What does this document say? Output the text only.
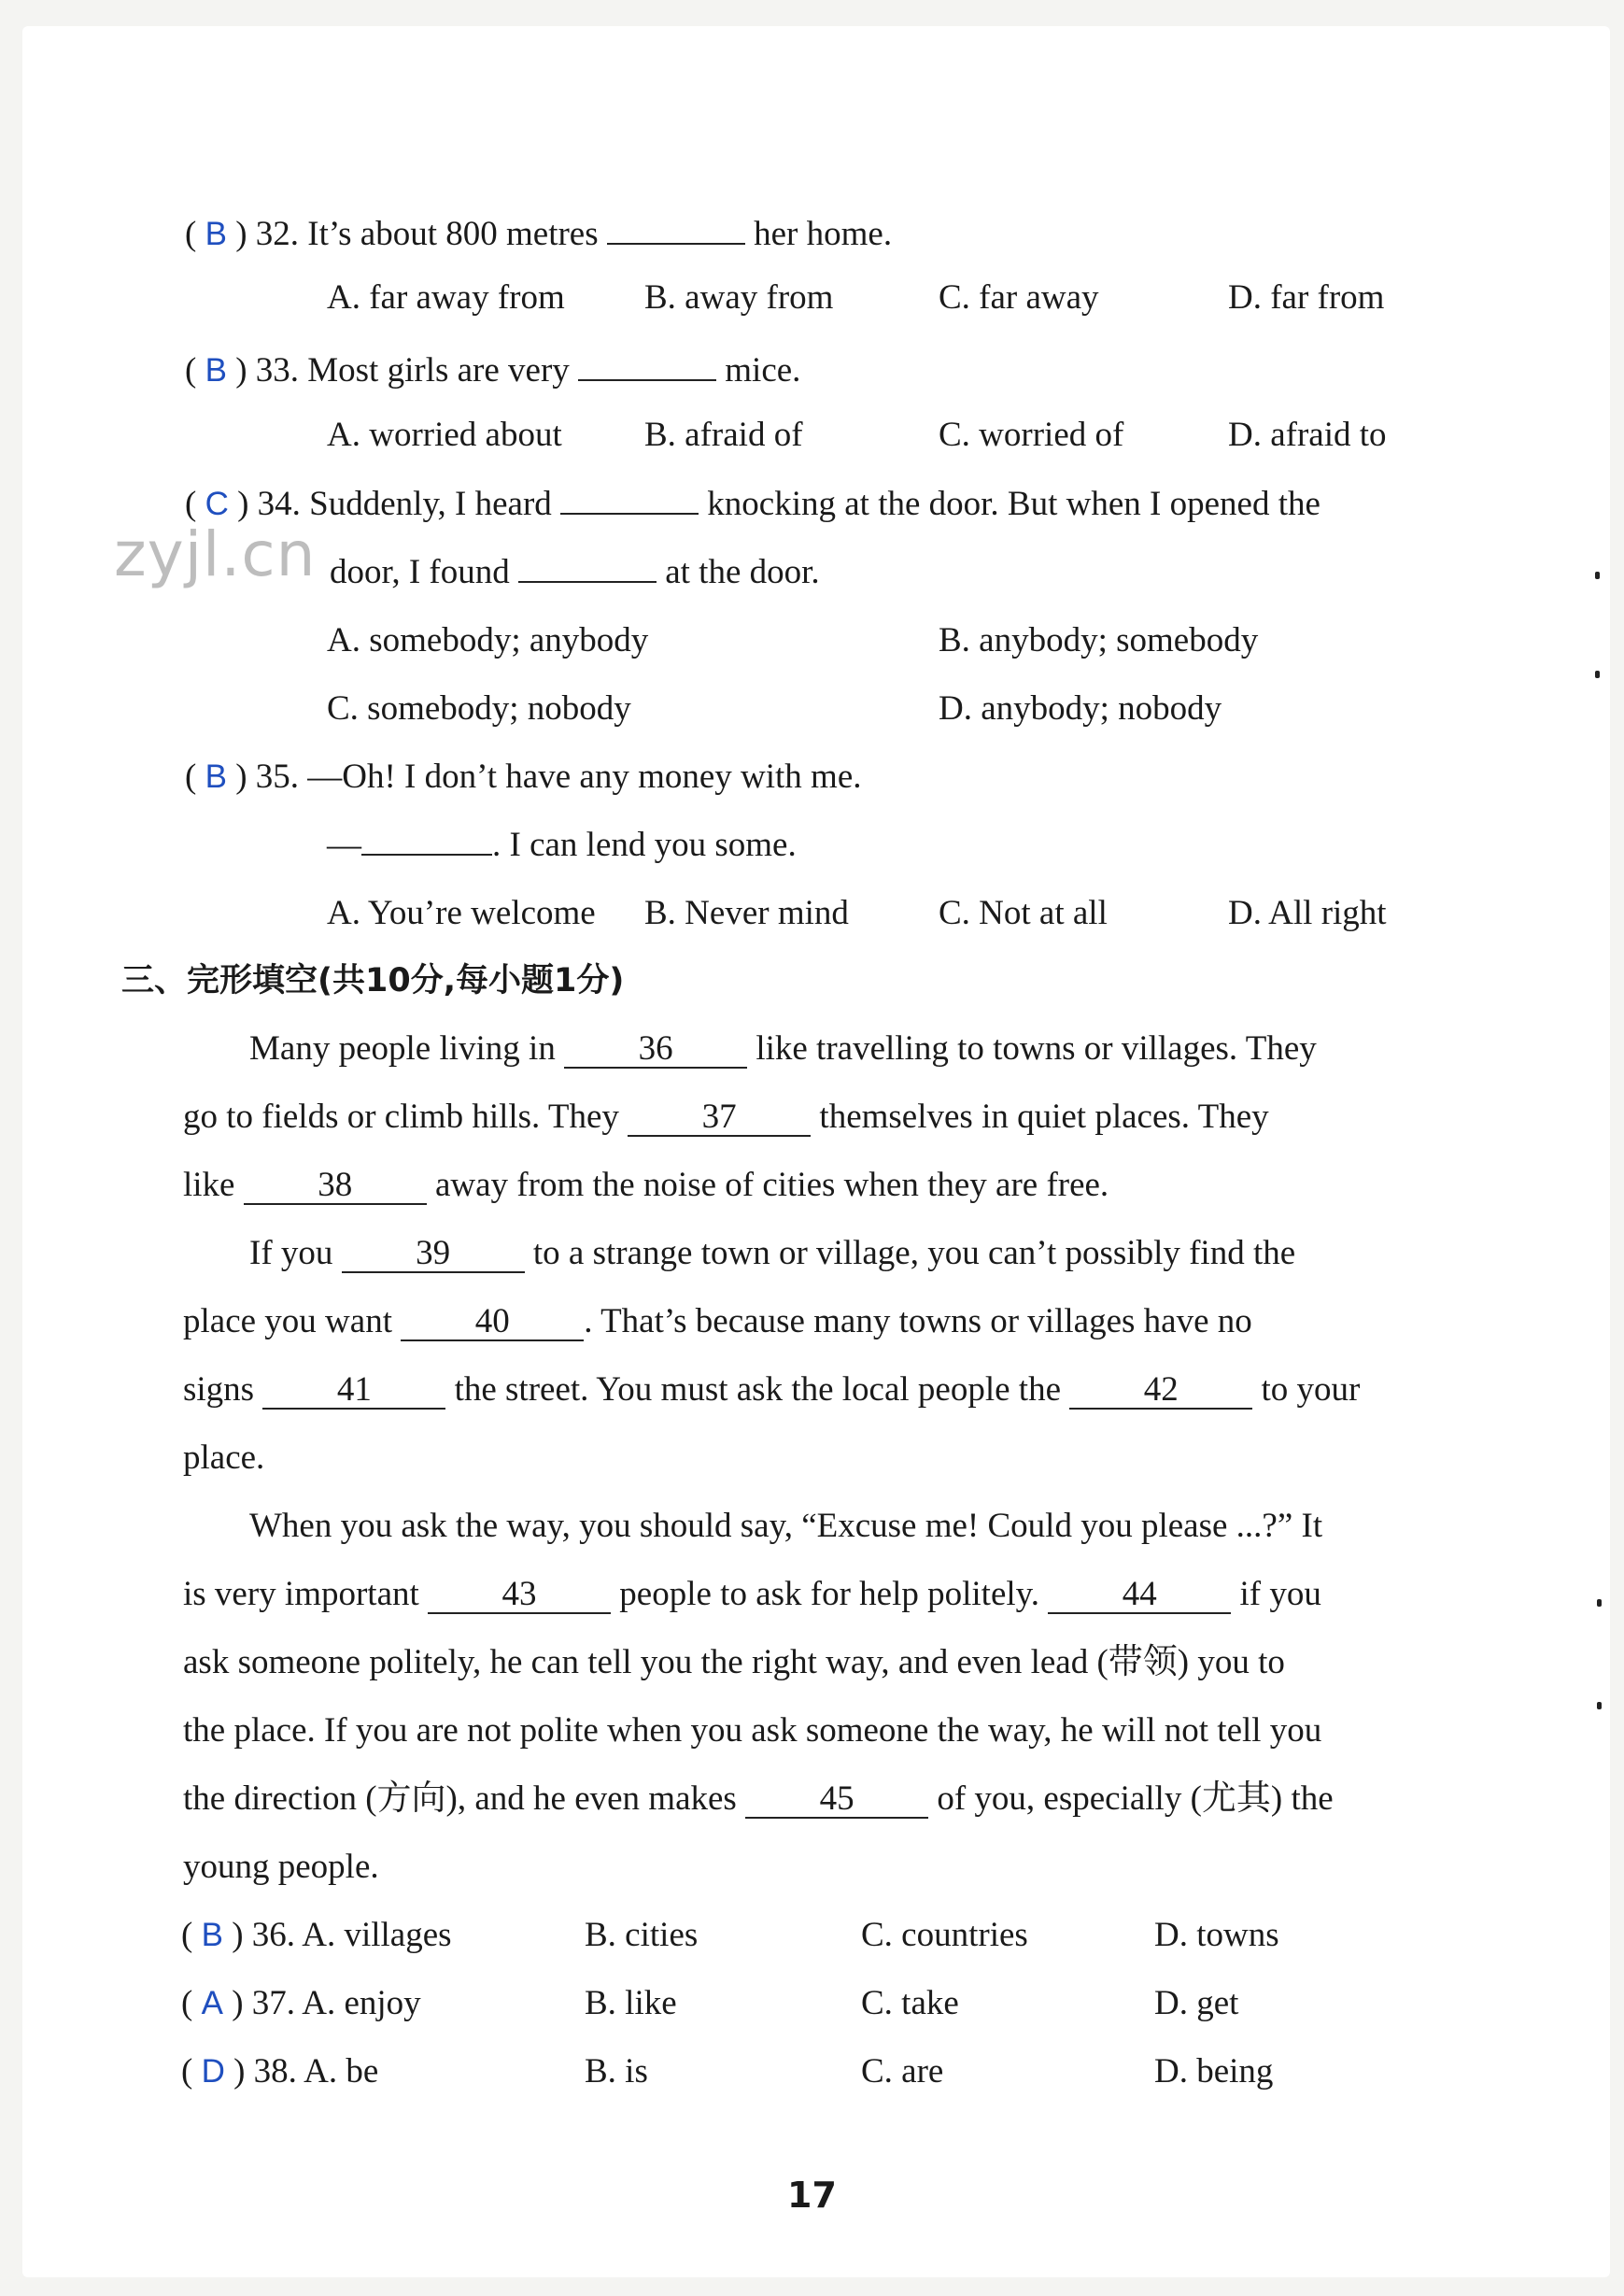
zyjl.cn
( B ) 32. It’s about 800 metres	her home.
A. far away from B. away from	C. far away	D. far from
( B ) 33. Most girls are very	mice.
A. worried about B. afraid of	C. worried of	D. afraid to
( C ) 34. Suddenly, I heard	knocking at the door. But when I opened the
door, I found	at the door.
A. somebody; anybody	B. anybody; somebody
C. somebody; nobody	D. anybody; nobody
( B ) 35. —Oh! I don’t have any money with me.
—	. I can lend you some.
A. You’re welcome B. Never mind	C. Not at all	D. All right
三、完形填空(共10分,每小题1分)
Many people living in 36 like travelling to towns or villages. They
go to fields or climb hills. They 37 themselves in quiet places. They
like 38 away from the noise of cities when they are free.
If you 39 to a strange town or village, you can’t possibly find the
place you want 40 . That’s because many towns or villages have no
signs 41 the street. You must ask the local people the 42 to your
place.
When you ask the way, you should say, “Excuse me! Could you please ...?” It
is very important 43 people to ask for help politely. 44 if you
ask someone politely, he can tell you the right way, and even lead (带领) you to
the place. If you are not polite when you ask someone the way, he will not tell you
the direction (方向), and he even makes 45 of you, especially (尤其) the
young people.
( B ) 36. A. villages	B. cities	C. countries	D. towns
( A ) 37. A. enjoy	B. like	C. take	D. get
( D ) 38. A. be	B. is	C. are	D. being
17
